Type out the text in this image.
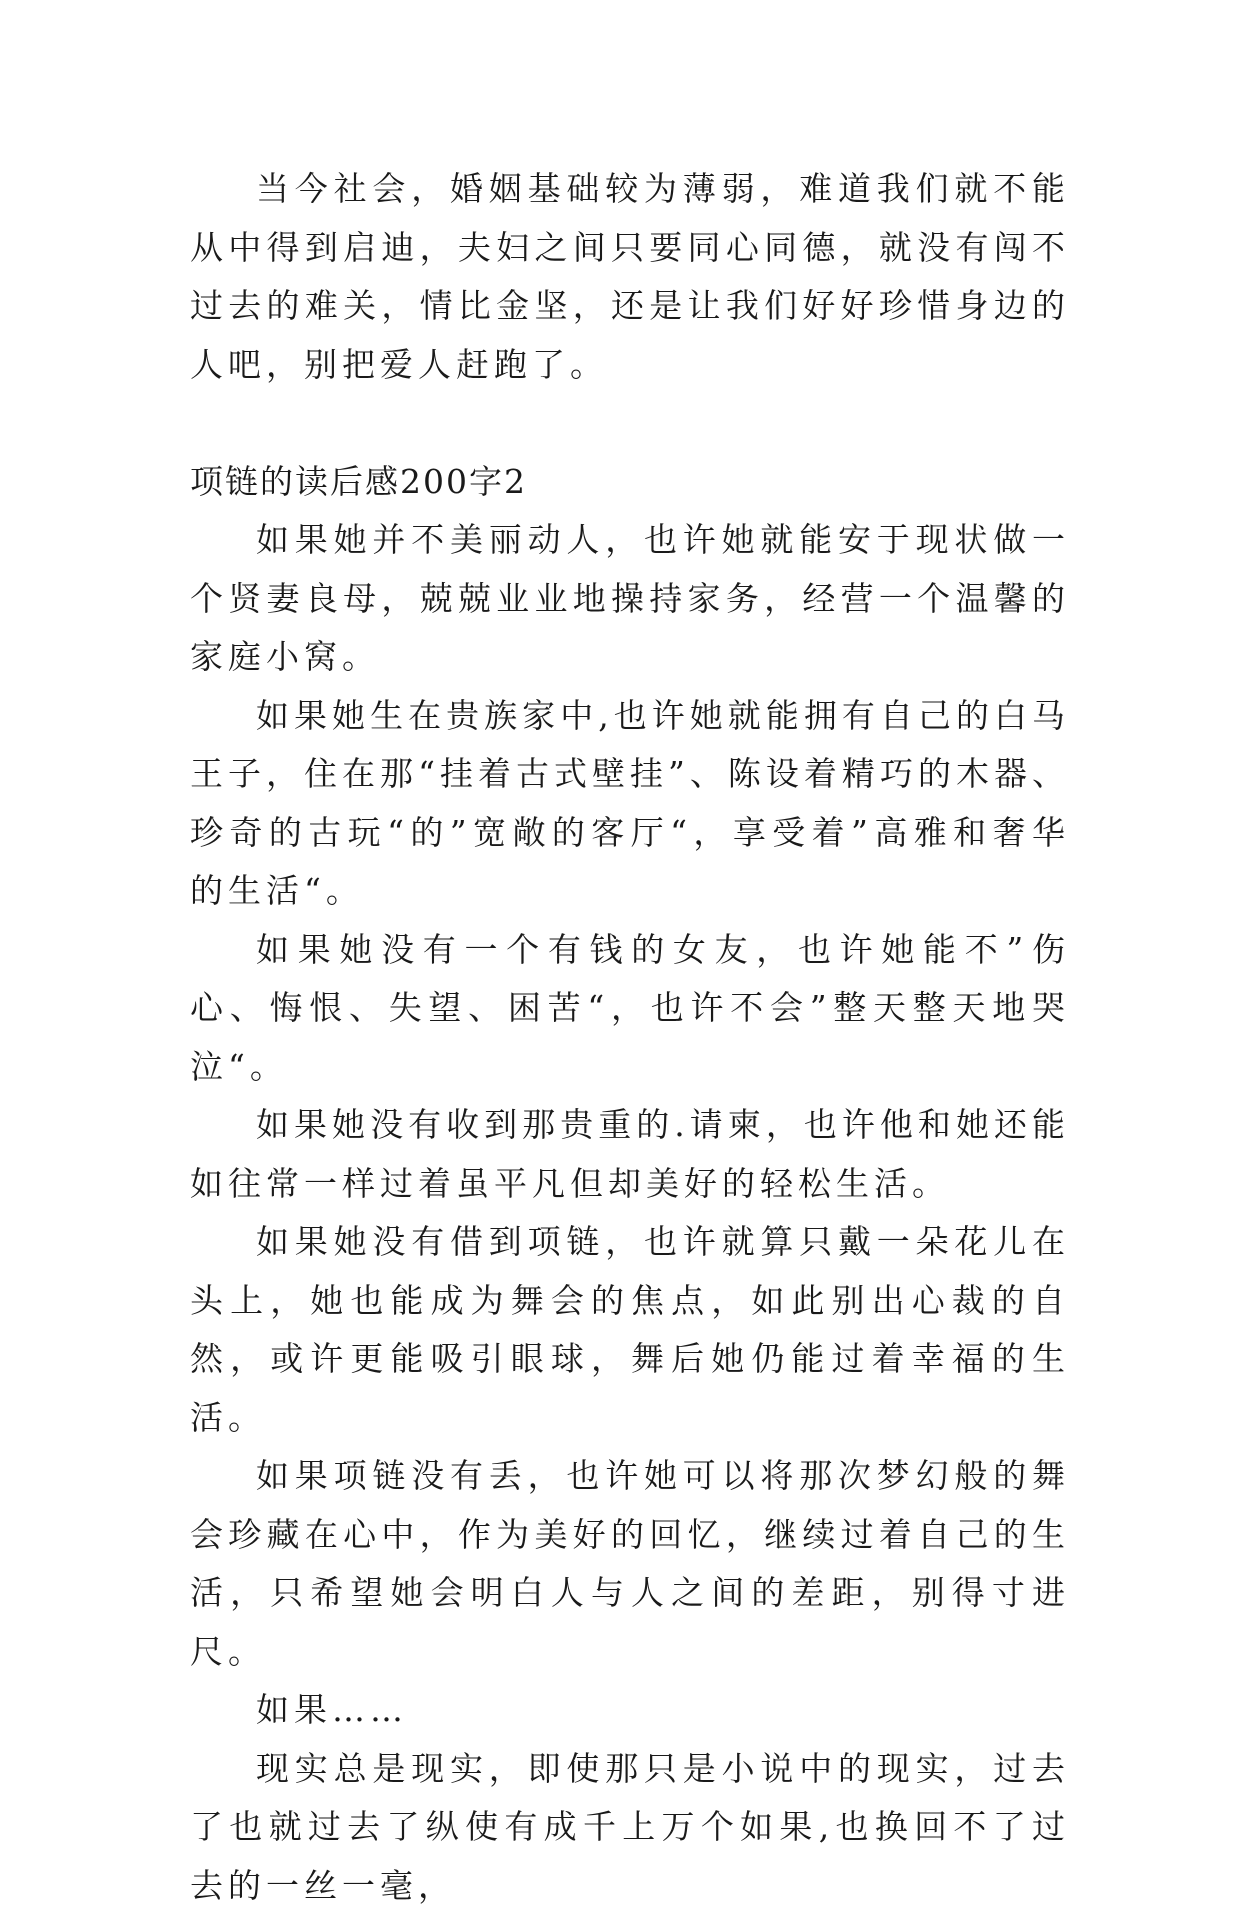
当今社会，婚姻基础较为薄弱，难道我们就不能从中得到启迪，夫妇之间只要同心同德，就没有闯不过去的难关，情比金坚，还是让我们好好珍惜身边的人吧，别把爱人赶跑了。

项链的读后感200字2

如果她并不美丽动人，也许她就能安于现状做一个贤妻良母，兢兢业业地操持家务，经营一个温馨的家庭小窝。

如果她生在贵族家中,也许她就能拥有自己的白马王子，住在那“挂着古式壁挂”、陈设着精巧的木器、珍奇的古玩“的”宽敞的客厅“，享受着”高雅和奢华的生活“。

如果她没有一个有钱的女友，也许她能不”伤心、悔恨、失望、困苦“，也许不会”整天整天地哭泣“。

如果她没有收到那贵重的.请柬，也许他和她还能如往常一样过着虽平凡但却美好的轻松生活。

如果她没有借到项链，也许就算只戴一朵花儿在头上，她也能成为舞会的焦点，如此别出心裁的自然，或许更能吸引眼球，舞后她仍能过着幸福的生活。

如果项链没有丢，也许她可以将那次梦幻般的舞会珍藏在心中，作为美好的回忆，继续过着自己的生活，只希望她会明白人与人之间的差距，别得寸进尺。

如果……

现实总是现实，即使那只是小说中的现实，过去了也就过去了纵使有成千上万个如果,也换回不了过去的一丝一毫，
